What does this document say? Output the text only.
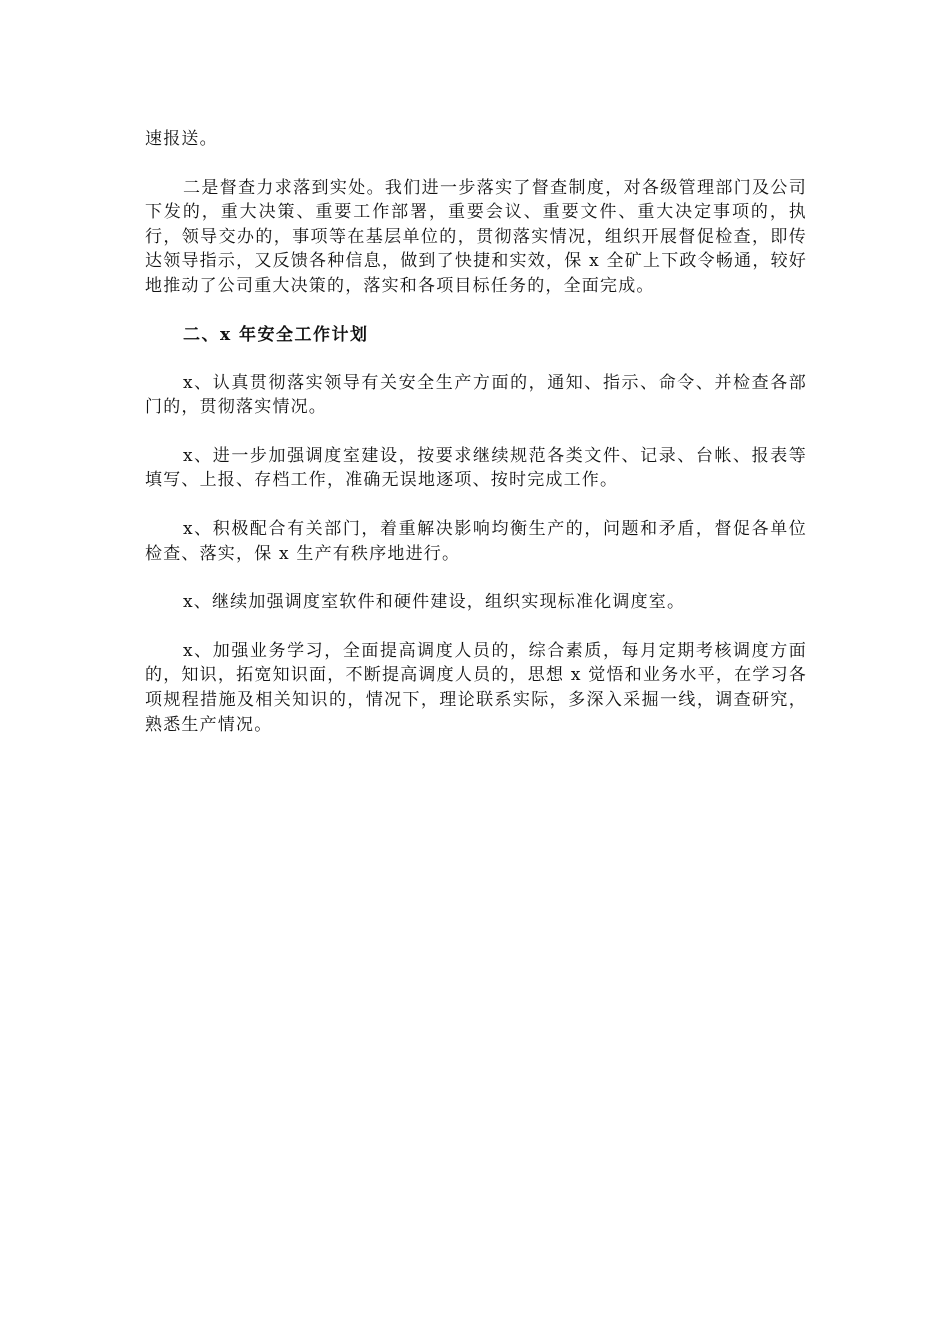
速报送。

二是督查力求落到实处。我们进一步落实了督查制度，对各级管理部门及公司下发的，重大决策、重要工作部署，重要会议、重要文件、重大决定事项的，执行，领导交办的，事项等在基层单位的，贯彻落实情况，组织开展督促检查，即传达领导指示，又反馈各种信息，做到了快捷和实效，保 x 全矿上下政令畅通，较好地推动了公司重大决策的，落实和各项目标任务的，全面完成。

二、x 年安全工作计划

x、认真贯彻落实领导有关安全生产方面的，通知、指示、命令、并检查各部门的，贯彻落实情况。

x、进一步加强调度室建设，按要求继续规范各类文件、记录、台帐、报表等填写、上报、存档工作，准确无误地逐项、按时完成工作。

x、积极配合有关部门，着重解决影响均衡生产的，问题和矛盾，督促各单位检查、落实，保 x 生产有秩序地进行。

x、继续加强调度室软件和硬件建设，组织实现标准化调度室。

x、加强业务学习，全面提高调度人员的，综合素质，每月定期考核调度方面的，知识，拓宽知识面，不断提高调度人员的，思想 x 觉悟和业务水平，在学习各项规程措施及相关知识的，情况下，理论联系实际，多深入采掘一线，调查研究，熟悉生产情况。
